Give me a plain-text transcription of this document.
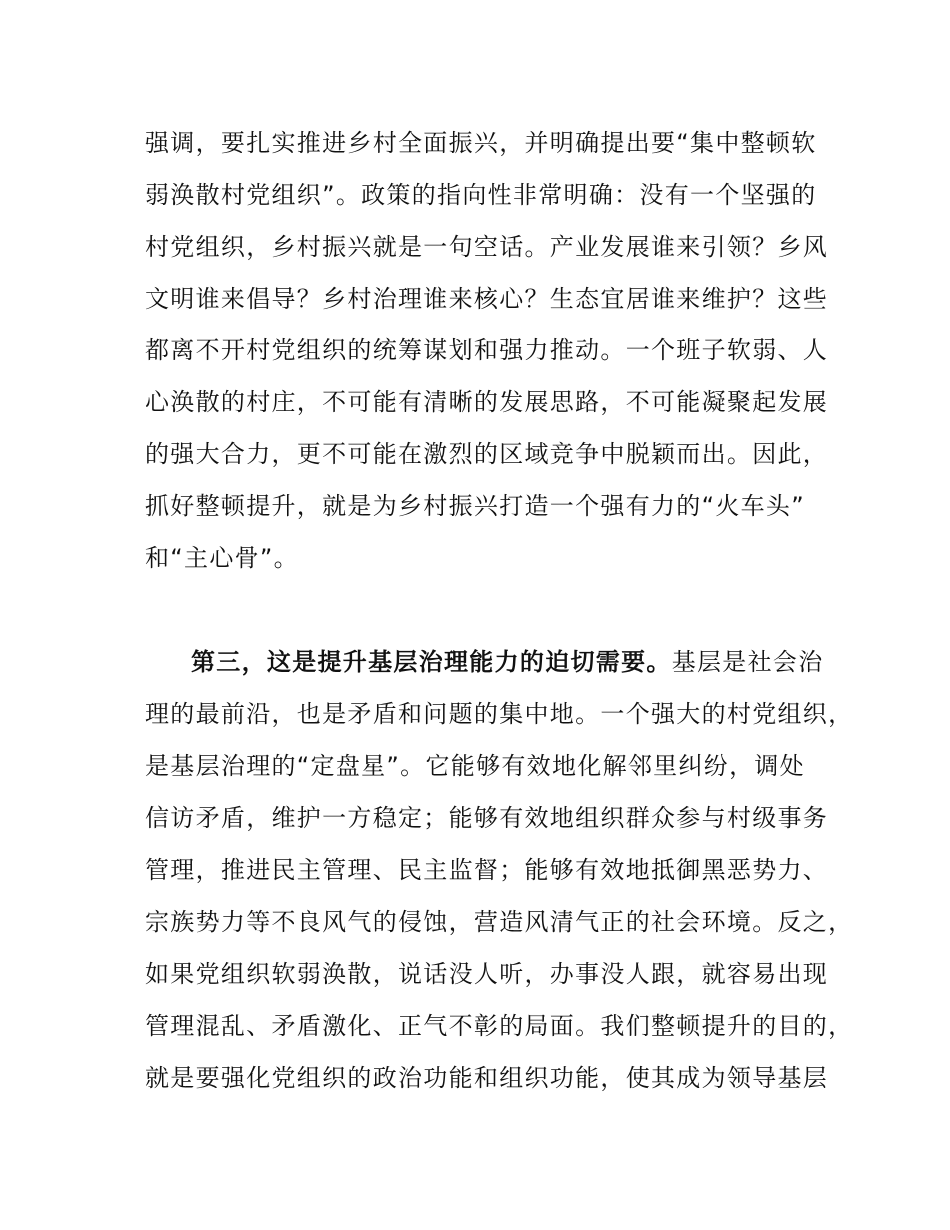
强调，要扎实推进乡村全面振兴，并明确提出要“集中整顿软
弱涣散村党组织”。政策的指向性非常明确：没有一个坚强的
村党组织，乡村振兴就是一句空话。产业发展谁来引领？乡风
文明谁来倡导？乡村治理谁来核心？生态宜居谁来维护？这些
都离不开村党组织的统筹谋划和强力推动。一个班子软弱、人
心涣散的村庄，不可能有清晰的发展思路，不可能凝聚起发展
的强大合力，更不可能在激烈的区域竞争中脱颖而出。因此，
抓好整顿提升，就是为乡村振兴打造一个强有力的“火车头”
和“主心骨”。
第三，这是提升基层治理能力的迫切需要。基层是社会治
理的最前沿，也是矛盾和问题的集中地。一个强大的村党组织，
是基层治理的“定盘星”。它能够有效地化解邻里纠纷，调处
信访矛盾，维护一方稳定；能够有效地组织群众参与村级事务
管理，推进民主管理、民主监督；能够有效地抵御黑恶势力、
宗族势力等不良风气的侵蚀，营造风清气正的社会环境。反之，
如果党组织软弱涣散，说话没人听，办事没人跟，就容易出现
管理混乱、矛盾激化、正气不彰的局面。我们整顿提升的目的，
就是要强化党组织的政治功能和组织功能，使其成为领导基层
